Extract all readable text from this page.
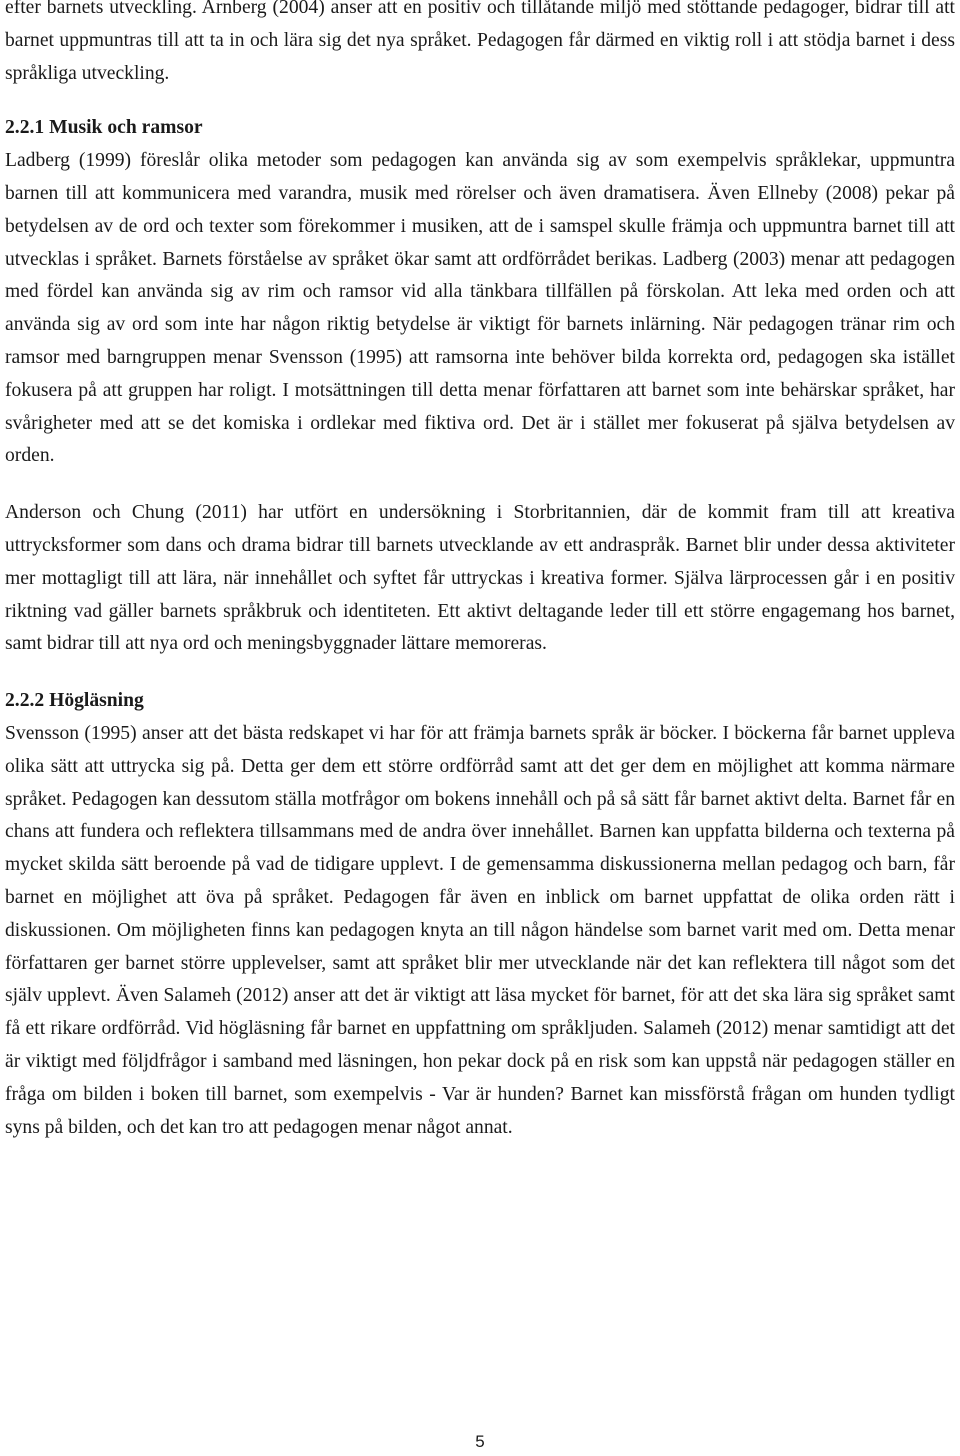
efter barnets utveckling. Arnberg (2004) anser att en positiv och tillåtande miljö med stöttande pedagoger, bidrar till att barnet uppmuntras till att ta in och lära sig det nya språket. Pedagogen får därmed en viktig roll i att stödja barnet i dess språkliga utveckling.

2.2.1 Musik och ramsor

Ladberg (1999) föreslår olika metoder som pedagogen kan använda sig av som exempelvis språklekar, uppmuntra barnen till att kommunicera med varandra, musik med rörelser och även dramatisera. Även Ellneby (2008) pekar på betydelsen av de ord och texter som förekommer i musiken, att de i samspel skulle främja och uppmuntra barnet till att utvecklas i språket. Barnets förståelse av språket ökar samt att ordförrådet berikas. Ladberg (2003) menar att pedagogen med fördel kan använda sig av rim och ramsor vid alla tänkbara tillfällen på förskolan. Att leka med orden och att använda sig av ord som inte har någon riktig betydelse är viktigt för barnets inlärning. När pedagogen tränar rim och ramsor med barngruppen menar Svensson (1995) att ramsorna inte behöver bilda korrekta ord, pedagogen ska istället fokusera på att gruppen har roligt. I motsättningen till detta menar författaren att barnet som inte behärskar språket, har svårigheter med att se det komiska i ordlekar med fiktiva ord. Det är i stället mer fokuserat på själva betydelsen av orden.

Anderson och Chung (2011) har utfört en undersökning i Storbritannien, där de kommit fram till att kreativa uttrycksformer som dans och drama bidrar till barnets utvecklande av ett andraspråk. Barnet blir under dessa aktiviteter mer mottagligt till att lära, när innehållet och syftet får uttryckas i kreativa former. Själva lärprocessen går i en positiv riktning vad gäller barnets språkbruk och identiteten. Ett aktivt deltagande leder till ett större engagemang hos barnet, samt bidrar till att nya ord och meningsbyggnader lättare memoreras.

2.2.2 Högläsning

Svensson (1995) anser att det bästa redskapet vi har för att främja barnets språk är böcker. I böckerna får barnet uppleva olika sätt att uttrycka sig på. Detta ger dem ett större ordförråd samt att det ger dem en möjlighet att komma närmare språket. Pedagogen kan dessutom ställa motfrågor om bokens innehåll och på så sätt får barnet aktivt delta. Barnet får en chans att fundera och reflektera tillsammans med de andra över innehållet. Barnen kan uppfatta bilderna och texterna på mycket skilda sätt beroende på vad de tidigare upplevt. I de gemensamma diskussionerna mellan pedagog och barn, får barnet en möjlighet att öva på språket. Pedagogen får även en inblick om barnet uppfattat de olika orden rätt i diskussionen. Om möjligheten finns kan pedagogen knyta an till någon händelse som barnet varit med om. Detta menar författaren ger barnet större upplevelser, samt att språket blir mer utvecklande när det kan reflektera till något som det själv upplevt. Även Salameh (2012) anser att det är viktigt att läsa mycket för barnet, för att det ska lära sig språket samt få ett rikare ordförråd. Vid högläsning får barnet en uppfattning om språkljuden. Salameh (2012) menar samtidigt att det är viktigt med följdfrågor i samband med läsningen, hon pekar dock på en risk som kan uppstå när pedagogen ställer en fråga om bilden i boken till barnet, som exempelvis - Var är hunden? Barnet kan missförstå frågan om hunden tydligt syns på bilden, och det kan tro att pedagogen menar något annat.

5
